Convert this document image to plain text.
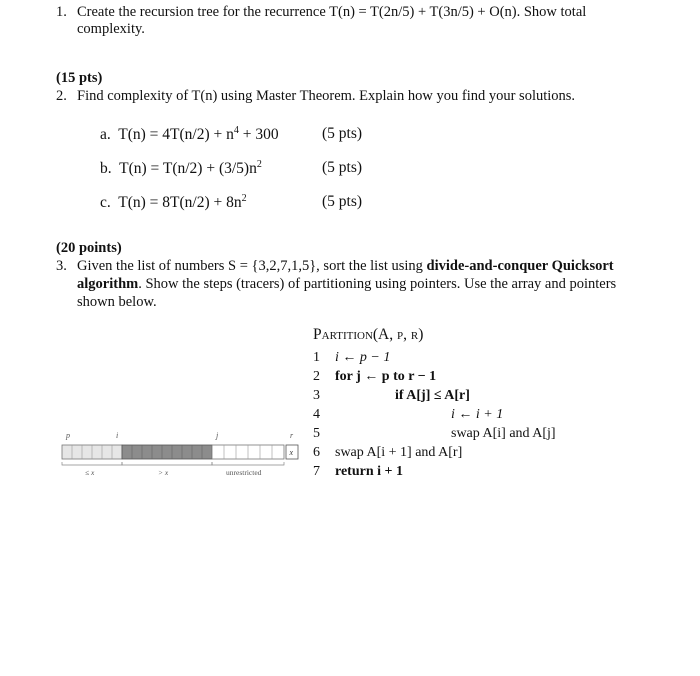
1. Create the recursion tree for the recurrence T(n) = T(2n/5) + T(3n/5) + O(n). Show total
complexity.
(15 pts)
2. Find complexity of T(n) using Master Theorem. Explain how you find your solutions.
a. $T(n) = 4T(n/2) + n^4 + 300$	(5 pts)
b. $T(n) = T(n/2) + (3/5)n^2$	(5 pts)
c. $T(n) = 8T(n/2) + 8n^2$	(5 pts)
(20 points)
3. Given the list of numbers S = {3,2,7,1,5}, sort the list using divide-and-conquer Quicksort
algorithm. Show the steps (tracers) of partitioning using pointers. Use the array and pointers
shown below.
Partition(A, p, r)
1 i ← p − 1
2 for j ← p to r − 1
3	if A[j] ≤ A[r]
4	i ← i + 1
5	swap A[i] and A[j]
6 swap A[i + 1] and A[r]
7 return i + 1
p	i	j	r
x
≤ x	> x	unrestricted
